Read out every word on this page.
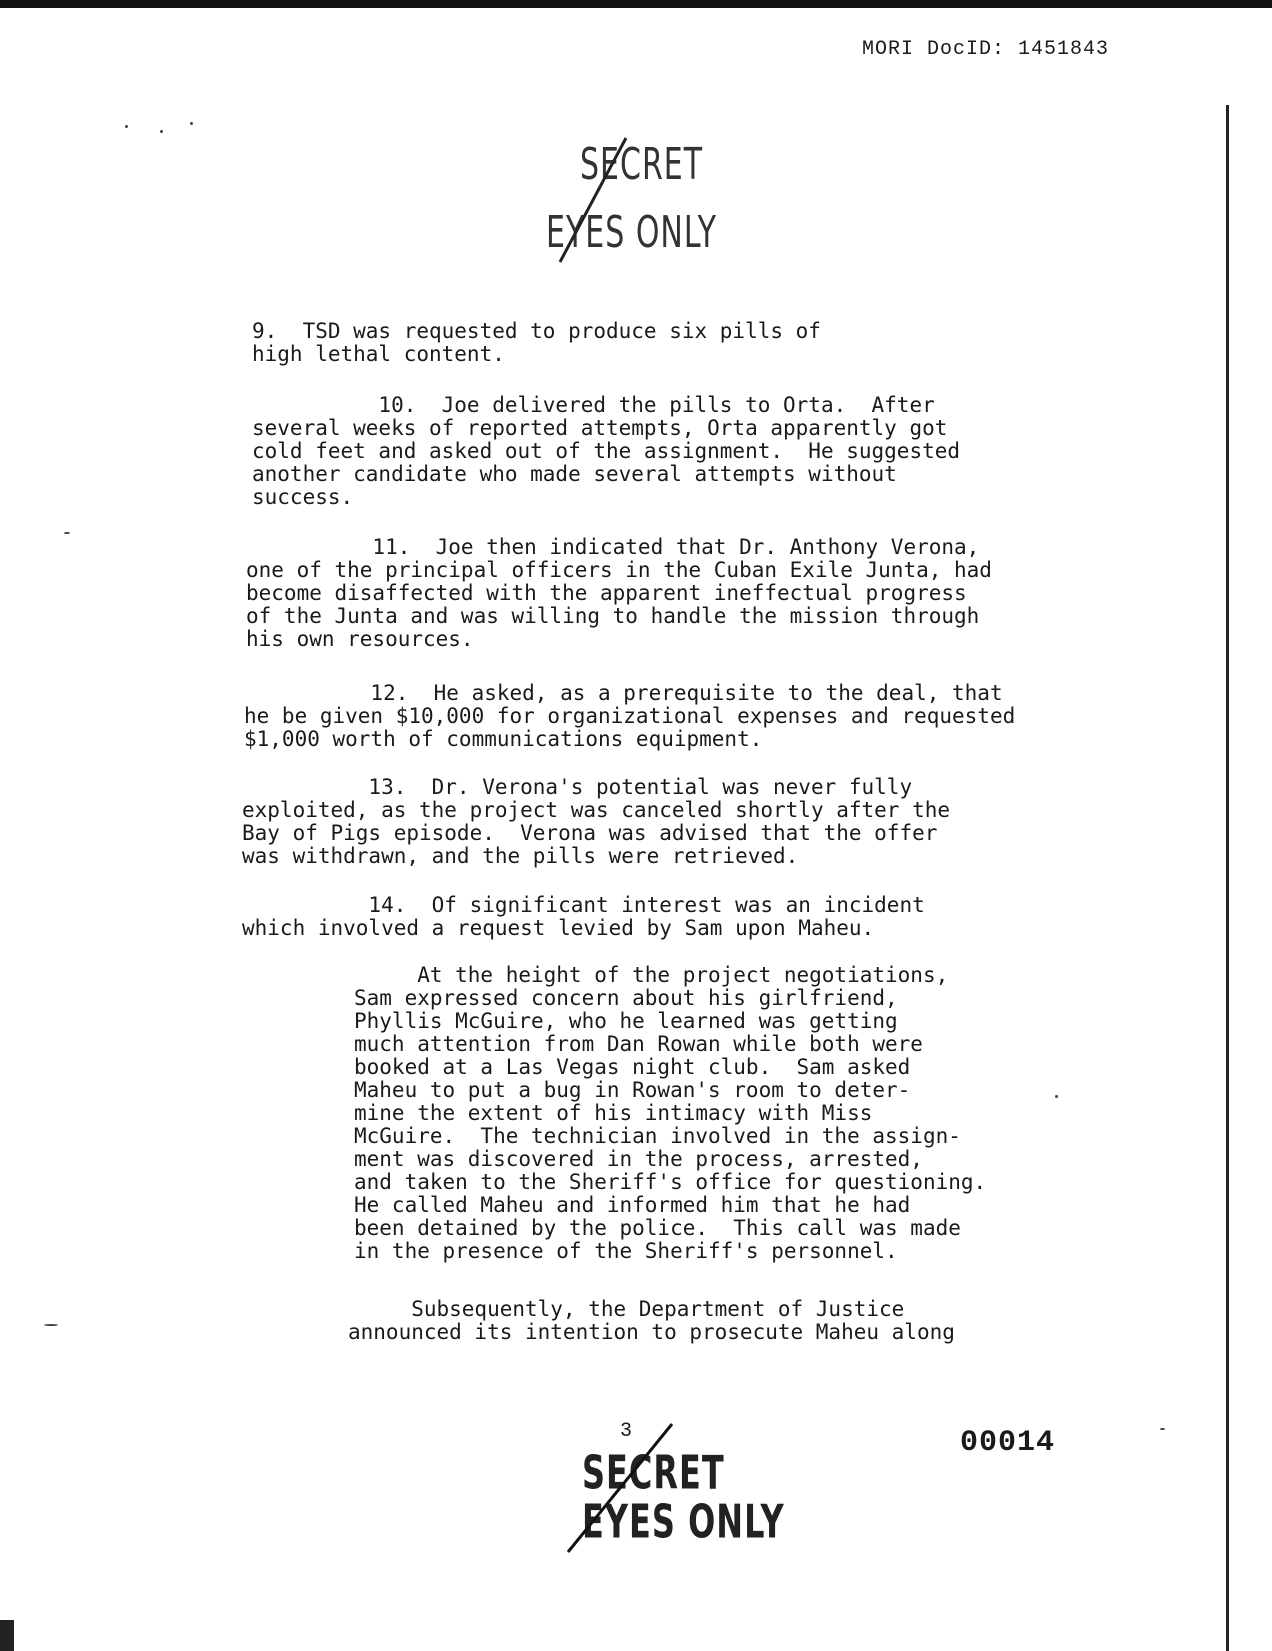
MORI DocID: 1451843
SECRET
EYES ONLY
9.  TSD was requested to produce six pills of
high lethal content.
10.  Joe delivered the pills to Orta.  After
several weeks of reported attempts, Orta apparently got
cold feet and asked out of the assignment.  He suggested
another candidate who made several attempts without
success.
11.  Joe then indicated that Dr. Anthony Verona,
one of the principal officers in the Cuban Exile Junta, had
become disaffected with the apparent ineffectual progress
of the Junta and was willing to handle the mission through
his own resources.
12.  He asked, as a prerequisite to the deal, that
he be given $10,000 for organizational expenses and requested
$1,000 worth of communications equipment.
13.  Dr. Verona's potential was never fully
exploited, as the project was canceled shortly after the
Bay of Pigs episode.  Verona was advised that the offer
was withdrawn, and the pills were retrieved.
14.  Of significant interest was an incident
which involved a request levied by Sam upon Maheu.
At the height of the project negotiations,
Sam expressed concern about his girlfriend,
Phyllis McGuire, who he learned was getting
much attention from Dan Rowan while both were
booked at a Las Vegas night club.  Sam asked
Maheu to put a bug in Rowan's room to deter-
mine the extent of his intimacy with Miss
McGuire.  The technician involved in the assign-
ment was discovered in the process, arrested,
and taken to the Sheriff's office for questioning.
He called Maheu and informed him that he had
been detained by the police.  This call was made
in the presence of the Sheriff's personnel.
Subsequently, the Department of Justice
announced its intention to prosecute Maheu along
3	00014
SECRET
EYES ONLY
